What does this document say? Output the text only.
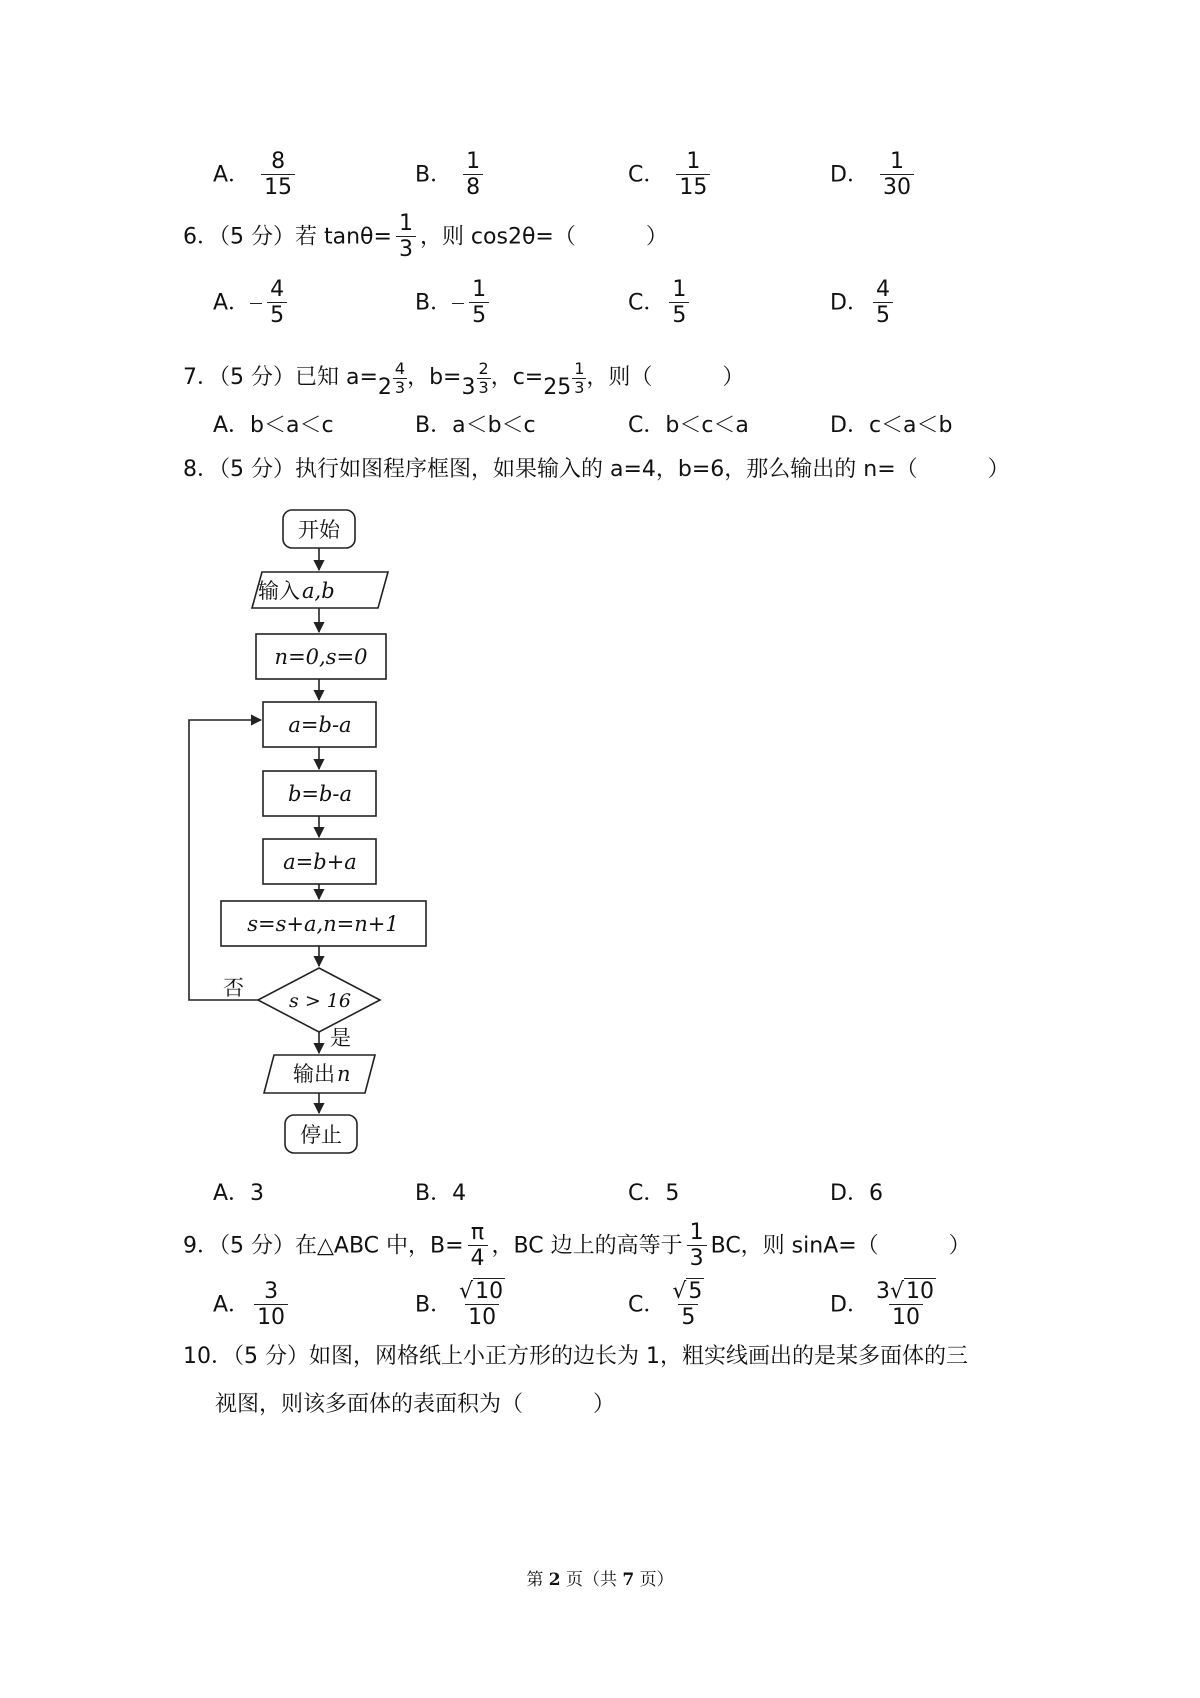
A． $\frac{8}{15}$	B． $\frac{1}{8}$	C． $\frac{1}{15}$	D． $\frac{1}{30}$
6．（5 分）若 $\tan\theta= \frac{1}{3}$ ，则 cos2θ=（	）
A． $\frac{4}{5}$	B． $\frac{1}{5}$	C． $\frac{1}{5}$	D． $\frac{4}{5}$
7．（5 分）已知 $a=2 \frac{4}{3}$ ，$b=3 \frac{2}{3}$ ，$c=25 \frac{1}{3}$ ，则（	）
A．b＜a＜c	B．a＜b＜c	C．b＜c＜a	D．c＜a＜b
8．（5 分）执行如图程序框图，如果输入的 a=4，b=6，那么输出的 n=（	）
开始
输入 a,b
n=0,s=0
a=b-a
b=b-a
a=b+a
s=s+a,n=n+1
s > 16
否
是
输出 n
停止
A．3	B．4	C．5	D．6
9．（5 分）在△ABC 中，$B= \frac{\pi}{4}$ ，BC 边上的高等于 $\frac{1}{3}$ BC，则 sinA=（	）
A． $\frac{3}{10}$	B． $\frac{√10}{10}$	C． $\frac{√5}{5}$	D． $\frac{3√10}{10}$
10．（5 分）如图，网格纸上小正方形的边长为 1，粗实线画出的是某多面体的三
视图，则该多面体的表面积为（	）
第 2 页（共 7 页）
